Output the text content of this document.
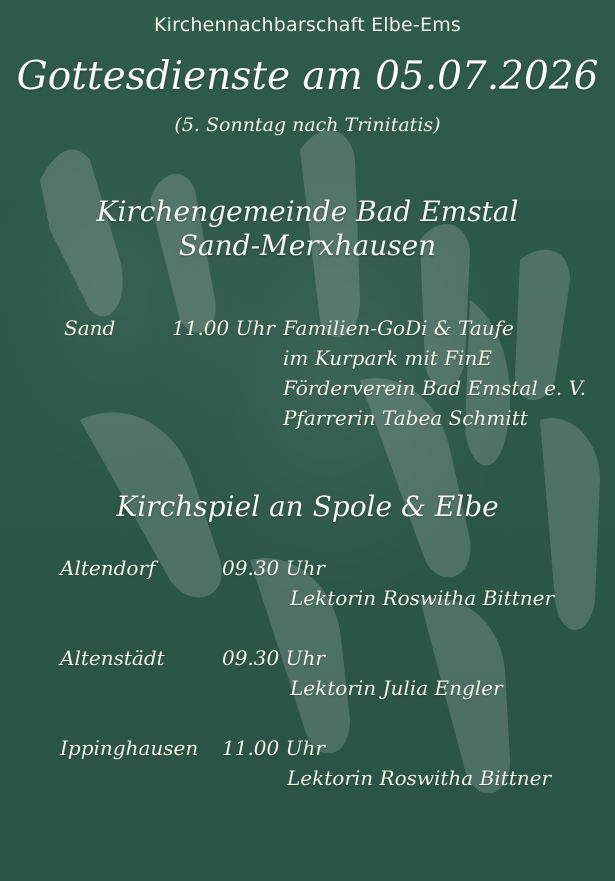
Kirchennachbarschaft Elbe-Ems
Gottesdienste am 05.07.2026
(5. Sonntag nach Trinitatis)
Kirchengemeinde Bad Emstal
Sand-Merxhausen
Sand	11.00 Uhr Familien-GoDi & Taufe
im Kurpark mit FinE
Förderverein Bad Emstal e. V.
Pfarrerin Tabea Schmitt
Kirchspiel an Spole & Elbe
Altendorf	09.30 Uhr
Lektorin Roswitha Bittner
Altenstädt	09.30 Uhr
Lektorin Julia Engler
Ippinghausen 11.00 Uhr
Lektorin Roswitha Bittner
